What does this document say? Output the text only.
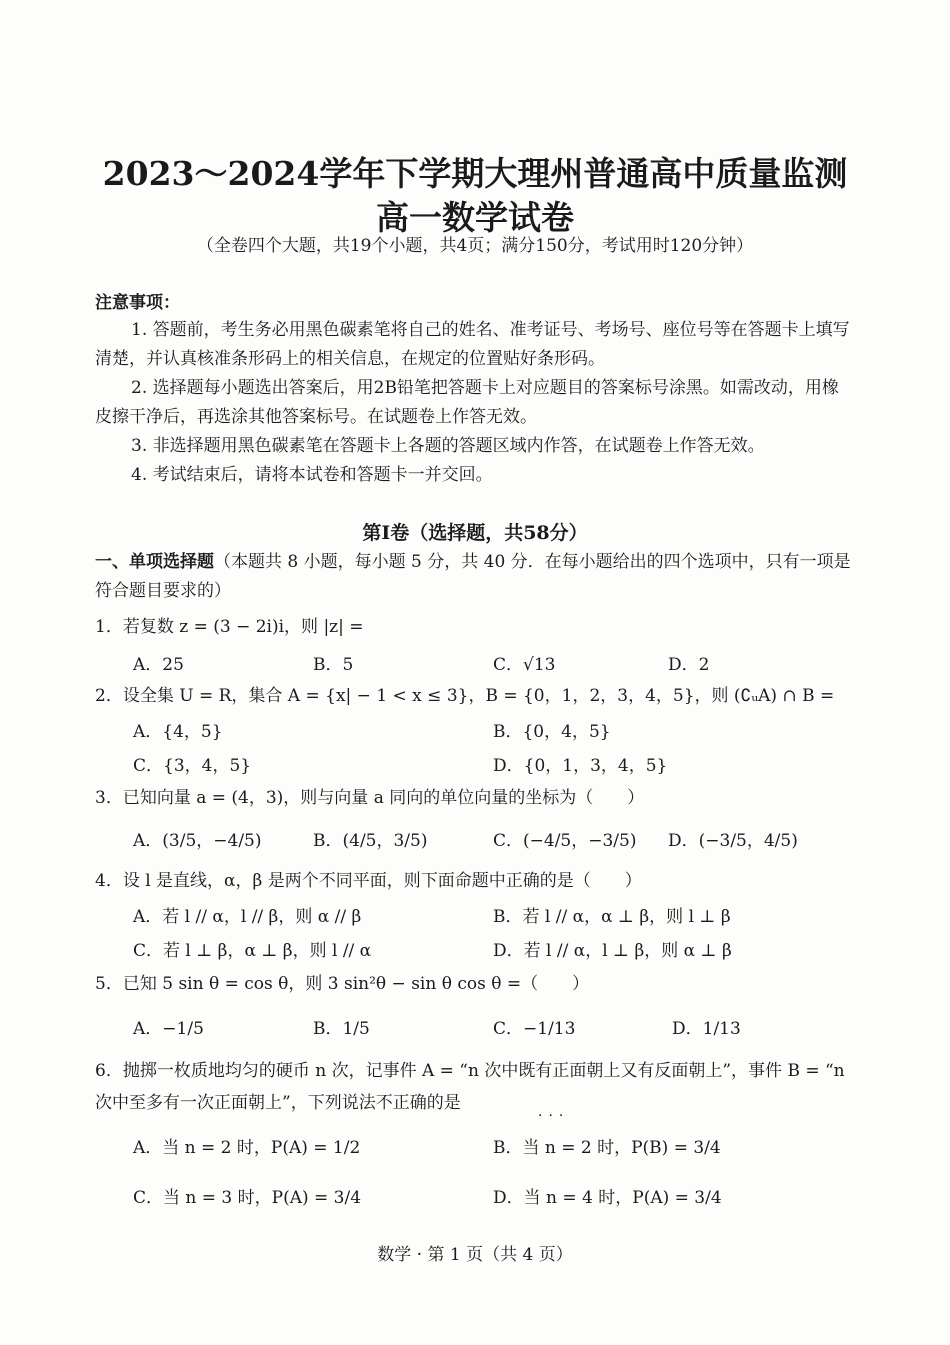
2023～2024学年下学期大理州普通高中质量监测
高一数学试卷
（全卷四个大题，共19个小题，共4页；满分150分，考试用时120分钟）
注意事项：
1. 答题前，考生务必用黑色碳素笔将自己的姓名、准考证号、考场号、座位号等在答题卡上填写清楚，并认真核准条形码上的相关信息，在规定的位置贴好条形码。
2. 选择题每小题选出答案后，用2B铅笔把答题卡上对应题目的答案标号涂黑。如需改动，用橡皮擦干净后，再选涂其他答案标号。在试题卷上作答无效。
3. 非选择题用黑色碳素笔在答题卡上各题的答题区域内作答，在试题卷上作答无效。
4. 考试结束后，请将本试卷和答题卡一并交回。
第Ⅰ卷（选择题，共58分）
一、单项选择题（本题共 8 小题，每小题 5 分，共 40 分．在每小题给出的四个选项中，只有一项是符合题目要求的）
1．若复数 z = (3 − 2i)i，则 |z| =
A．25	B．5	C．√13	D．2
2．设全集 U = R，集合 A = {x| − 1 < x ≤ 3}，B = {0，1，2，3，4，5}，则 (∁ᵤA) ∩ B =
A．{4，5}	B．{0，4，5}
C．{3，4，5}	D．{0，1，3，4，5}
3．已知向量 a = (4，3)，则与向量 a 同向的单位向量的坐标为（　　）
A．(3/5，−4/5)	B．(4/5，3/5)	C．(−4/5，−3/5) D．(−3/5，4/5)
4．设 l 是直线，α，β 是两个不同平面，则下面命题中正确的是（　　）
A．若 l // α，l // β，则 α // β	B．若 l // α，α ⊥ β，则 l ⊥ β
C．若 l ⊥ β，α ⊥ β，则 l // α	D．若 l // α，l ⊥ β，则 α ⊥ β
5．已知 5 sin θ = cos θ，则 3 sin²θ − sin θ cos θ =（　　）
A．−1/5	B．1/5	C．−1/13	D．1/13
6．抛掷一枚质地均匀的硬币 n 次，记事件 A = “n 次中既有正面朝上又有反面朝上”，事件 B = “n 次中至多有一次正面朝上”，下列说法不正确的是
···
A．当 n = 2 时，P(A) = 1/2	B．当 n = 2 时，P(B) = 3/4
C．当 n = 3 时，P(A) = 3/4	D．当 n = 4 时，P(A) = 3/4
数学 · 第 1 页（共 4 页）
